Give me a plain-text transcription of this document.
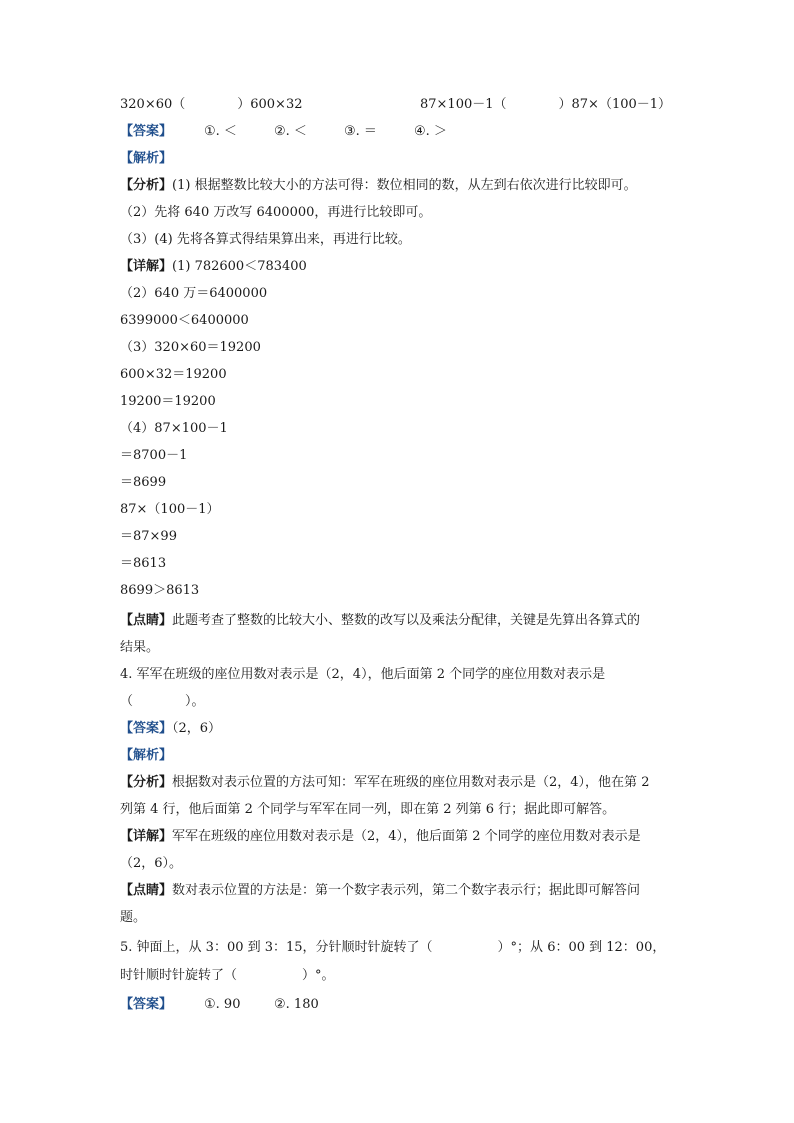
320×60（　　　　）600×32	87×100－1（　　　　）87×（100－1）
【答案】 ①. ＜	②. ＜	③. ＝	④. ＞
【解析】
【分析】(1) 根据整数比较大小的方法可得：数位相同的数，从左到右依次进行比较即可。
（2）先将 640 万改写 6400000，再进行比较即可。
（3）(4) 先将各算式得结果算出来，再进行比较。
【详解】(1) 782600＜783400
（2）640 万＝6400000
6399000＜6400000
（3）320×60＝19200
600×32＝19200
19200＝19200
（4）87×100－1
＝8700－1
＝8699
87×（100－1）
＝87×99
＝8613
8699＞8613
【点睛】此题考查了整数的比较大小、整数的改写以及乘法分配律，关键是先算出各算式的
结果。
4. 军军在班级的座位用数对表示是（2，4），他后面第 2 个同学的座位用数对表示是
（　　　　）。
【答案】（2，6）
【解析】
【分析】根据数对表示位置的方法可知：军军在班级的座位用数对表示是（2，4），他在第 2
列第 4 行，他后面第 2 个同学与军军在同一列，即在第 2 列第 6 行；据此即可解答。
【详解】军军在班级的座位用数对表示是（2，4），他后面第 2 个同学的座位用数对表示是
（2，6）。
【点睛】数对表示位置的方法是：第一个数字表示列，第二个数字表示行；据此即可解答问
题。
5. 钟面上，从 3：00 到 3：15，分针顺时针旋转了（　　　　　）°；从 6：00 到 12：00，
时针顺时针旋转了（　　　　　）°。
【答案】 ①. 90	②. 180
